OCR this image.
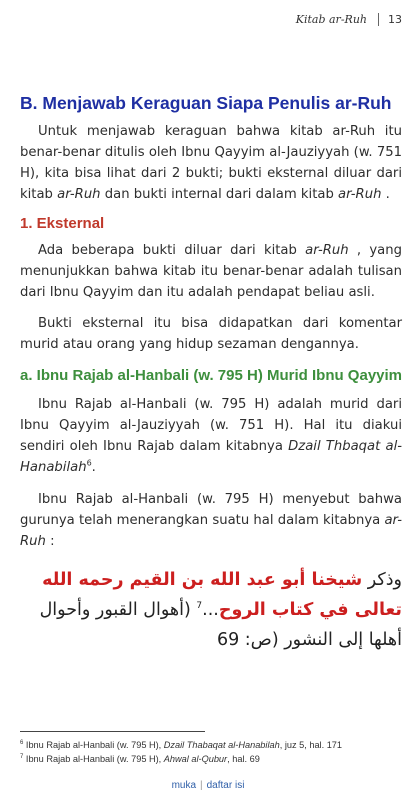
Kitab ar-Ruh 13
B. Menjawab Keraguan Siapa Penulis ar-Ruh

Untuk menjawab keraguan bahwa kitab ar-Ruh itu benar-benar ditulis oleh Ibnu Qayyim al-Jauziyyah (w. 751 H), kita bisa lihat dari 2 bukti; bukti eksternal diluar dari kitab ar-Ruh dan bukti internal dari dalam kitab ar-Ruh .

1. Eksternal

Ada beberapa bukti diluar dari kitab ar-Ruh , yang menunjukkan bahwa kitab itu benar-benar adalah tulisan dari Ibnu Qayyim dan itu adalah pendapat beliau asli.

Bukti eksternal itu bisa didapatkan dari komentar murid atau orang yang hidup sezaman dengannya.

a. Ibnu Rajab al-Hanbali (w. 795 H) Murid Ibnu Qayyim

Ibnu Rajab al-Hanbali (w. 795 H) adalah murid dari Ibnu Qayyim al-Jauziyyah (w. 751 H). Hal itu diakui sendiri oleh Ibnu Rajab dalam kitabnya Dzail Thbaqat al-Hanabilah$^6$.

Ibnu Rajab al-Hanbali (w. 795 H) menyebut bahwa gurunya telah menerangkan suatu hal dalam kitabnya ar-Ruh :

وذكر شيخنا أبو عبد الله بن القيم رحمه الله تعالى في كتاب الروح...$^7$ (أهوال القبور وأحوال أهلها إلى النشور (ص: 69

$^6$ Ibnu Rajab al-Hanbali (w. 795 H), Dzail Thabaqat al-Hanabilah, juz 5, hal. 171
$^7$ Ibnu Rajab al-Hanbali (w. 795 H), Ahwal al-Qubur, hal. 69
muka | daftar isi
